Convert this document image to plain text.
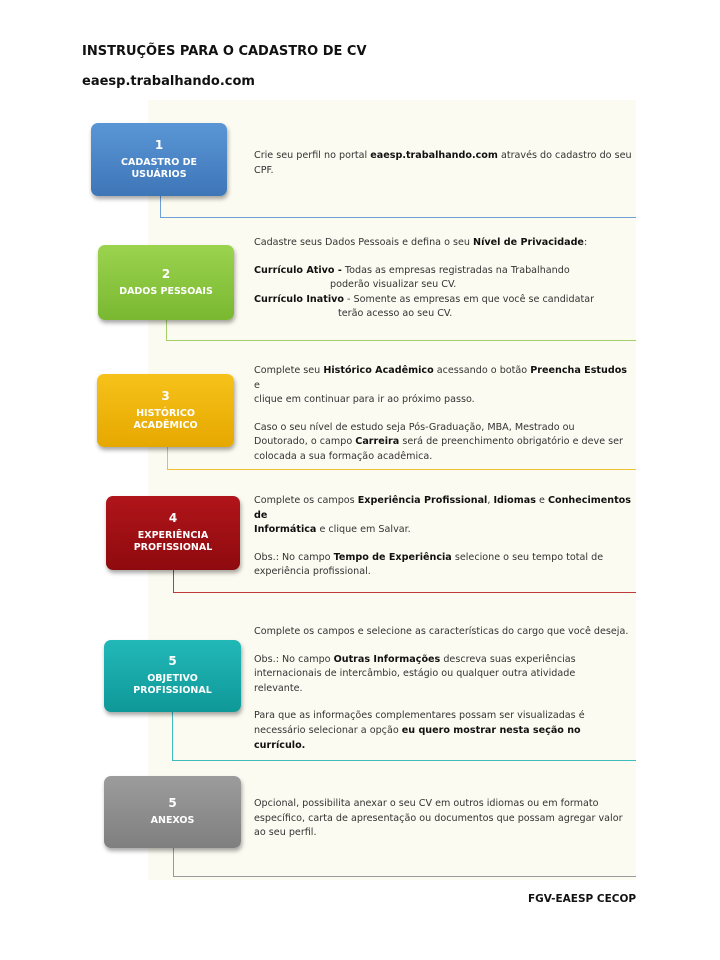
INSTRUÇÕES PARA O CADASTRO DE CV
eaesp.trabalhando.com
1
CADASTRO DE
USUÁRIOS

Crie seu perfil no portal eaesp.trabalhando.com através do cadastro do seu

CPF.

2
DADOS PESSOAIS

Cadastre seus Dados Pessoais e defina o seu Nível de Privacidade:

Currículo Ativo - Todas as empresas registradas na Trabalhando

poderão visualizar seu CV.

Currículo Inativo - Somente as empresas em que você se candidatar

terão acesso ao seu CV.

3
HISTÓRICO
ACADÊMICO

Complete seu Histórico Acadêmico acessando o botão Preencha Estudos e

clique em continuar para ir ao próximo passo.

Caso o seu nível de estudo seja Pós-Graduação, MBA, Mestrado ou

Doutorado, o campo Carreira será de preenchimento obrigatório e deve ser

colocada a sua formação acadêmica.

4
EXPERIÊNCIA
PROFISSIONAL

Complete os campos Experiência Profissional, Idiomas e Conhecimentos de

Informática e clique em Salvar.

Obs.: No campo Tempo de Experiência selecione o seu tempo total de

experiência profissional.

5
OBJETIVO
PROFISSIONAL

Complete os campos e selecione as características do cargo que você deseja.

Obs.: No campo Outras Informações descreva suas experiências

internacionais de intercâmbio, estágio ou qualquer outra atividade

relevante.

Para que as informações complementares possam ser visualizadas é

necessário selecionar a opção eu quero mostrar nesta seção no currículo.

5
ANEXOS

Opcional, possibilita anexar o seu CV em outros idiomas ou em formato

específico, carta de apresentação ou documentos que possam agregar valor

ao seu perfil.

FGV-EAESP CECOP
